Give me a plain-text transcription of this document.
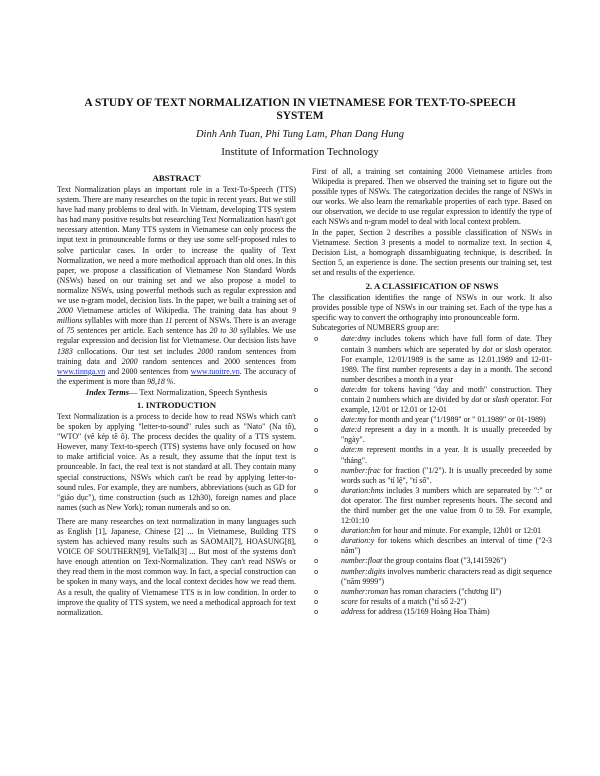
A STUDY OF TEXT NORMALIZATION IN VIETNAMESE FOR TEXT-TO-SPEECH SYSTEM
Dinh Anh Tuan, Phi Tung Lam, Phan Dang Hung
Institute of Information Technology
ABSTRACT

Text Normalization plays an important role in a Text-To-Speech (TTS) system. There are many researches on the topic in recent years. But we still have had many problems to deal with. In Vietnam, developing TTS system has had many positive results but researching Text Normalization hasn't got necessary attention. Many TTS system in Vietnamese can only process the input text in pronounceable forms or they use some self-proposed rules to solve particular cases. In order to increase the quality of Text Normalization, we need a more methodical approach than old ones. In this paper, we propose a classification of Vietnamese Non Standard Words (NSWs) based on our training set and we also propose a model to normalize NSWs, using powerful methods such as regular expression and we use n-gram model, decision lists. In the paper, we built a training set of 2000 Vietnamese articles of Wikipedia. The training data has about 9 millions syllables with more than 11 percent of NSWs. There is an average of 75 sentences per article. Each sentence has 20 to 30 syllables. We use regular expression and decision list for Vietnamese. Our decision lists have 1383 collocations. Our test set includes 2000 random sentences from training data and 2000 random sentences and 2000 sentences from www.tinnga.vn and 2000 sentences from www.tuoitre.vn. The accuracy of the experiment is more than 98,18 %.

Index Terms— Text Normalization, Speech Synthesis

1. INTRODUCTION

Text Normalization is a process to decide how to read NSWs which can't be spoken by applying "letter-to-sound" rules such as "Nato" (Na tô), "WTO" (vê kép tê ô). The process decides the quality of a TTS system. However, many Text-to-speech (TTS) systems have only focused on how to make artificial voice. As a result, they assume that the input text is prounceable. In fact, the real text is not standard at all. They contain many special constructions, NSWs which can't be read by applying letter-to-sound rules. For example, they are numbers, abbreviations (such as GD for "giáo dục"), time construction (such as 12h30), foreign names and place names (such as New York); roman numerals and so on.

There are many researches on text normalization in many languages such as English [1], Japanese, Chinese [2] ... In Vietnamese, Building TTS system has achieved many results such as SAOMAI[7], HOASUNG[8], VOICE OF SOUTHERN[9], VieTalk[3] ... But most of the systems don't have enough attention on Text-Normalization. They can't read NSWs or they read them in the most common way. In fact, a special construction can be spoken in many ways, and the local context decides how we read them. As a result, the quality of Vietnamese TTS is in low condition. In order to improve the quality of TTS system, we need a methodical approach for text normalization.

First of all, a training set containing 2000 Vietnamese articles from Wikipedia is prepared. Then we observed the training set to figure out the possible types of NSWs. The categorization decides the range of NSWs in our works. We also learn the remarkable properties of each type. Based on our observation, we decide to use regular expression to identify the type of each NSWs and n-gram model to deal with local context problem.

In the paper, Section 2 describes a possible classification of NSWs in Vietnamese. Section 3 presents a model to normalize text. In section 4, Decision List, a homograph dissambiguating technique, is described. In Section 5, an experience is done. The section presents our training set, test set and results of the experience.

2. A CLASSIFICATION OF NSWS

The classification identifies the range of NSWs in our work. It also provides possible type of NSWs in our training set. Each of the type has a specific way to convert the orthography into pronounceable form.

Subcategories of NUMBERS group are:

o	date:dmy includes tokens which have full form of date. They contain 3 numbers which are seperated by dot or slash operator. For example, 12/01/1989 is the same as 12.01.1989 and 12-01-1989. The first number represents a day in a month. The second number describes a month in a year
o	date:dm for tokens having "day and moth" construction. They contain 2 numbers which are divided by dot or slash operator. For example, 12/01 or 12.01 or 12-01
o	date:my for month and year ("1/1989" or " 01.1989" or 01-1989)
o	date:d represent a day in a month. It is usually preceeded by "ngày".
o	date:m represent months in a year. It is usually preceeded by "tháng".
o	number:frac for fraction ("1/2"). It is usually preceeded by some words such as "tỉ lệ", "tỉ số".
o	duration:hms includes 3 numbers which are separeated by ":" or dot operator. The first number represents hours. The second and the third number get the one value from 0 to 59. For example, 12:01:10
o	duration:hm for hour and minute. For example, 12h01 or 12:01
o	duration:y for tokens which describes an interval of time ("2-3 năm")
o	number:float the group contains float ("3,1415926")
o	number:digits involves numberic characters read as digit sequence ("năm 9999")
o	number:roman has roman characters ("chương II")
o	score for results of a match ("tỉ số 2-2")
o	address for address (15/169 Hoàng Hoa Thám)
